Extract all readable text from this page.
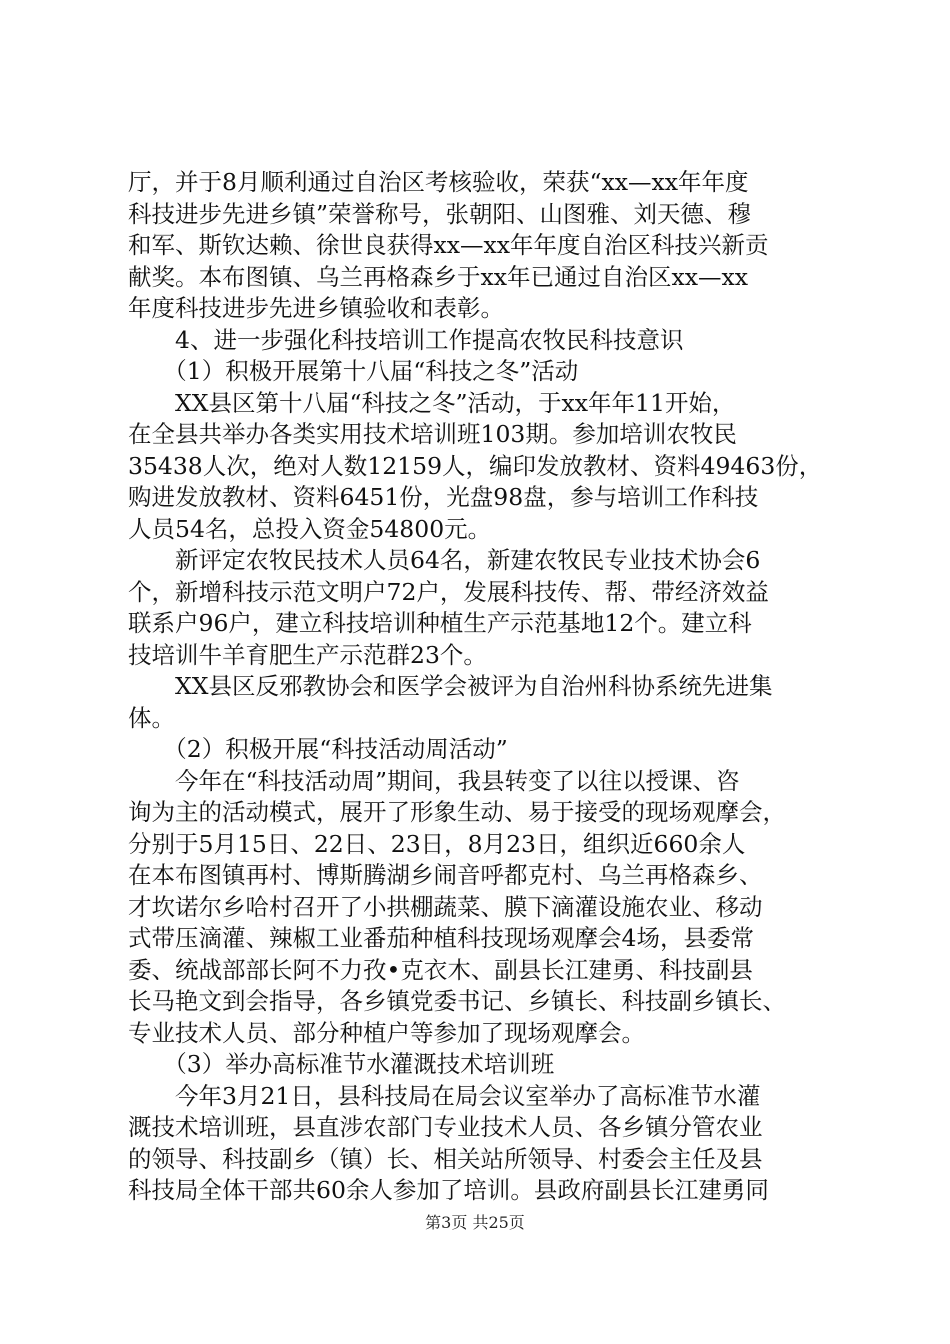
厅，并于8月顺利通过自治区考核验收，荣获“xx—xx年年度
科技进步先进乡镇”荣誉称号，张朝阳、山图雅、刘天德、穆
和军、斯钦达赖、徐世良获得xx—xx年年度自治区科技兴新贡
献奖。本布图镇、乌兰再格森乡于xx年已通过自治区xx—xx
年度科技进步先进乡镇验收和表彰。
　　4、进一步强化科技培训工作提高农牧民科技意识
　　（1）积极开展第十八届“科技之冬”活动
　　XX县区第十八届“科技之冬”活动，于xx年年11开始，
在全县共举办各类实用技术培训班103期。参加培训农牧民
35438人次，绝对人数12159人，编印发放教材、资料49463份，
购进发放教材、资料6451份，光盘98盘，参与培训工作科技
人员54名，总投入资金54800元。
　　新评定农牧民技术人员64名，新建农牧民专业技术协会6
个，新增科技示范文明户72户，发展科技传、帮、带经济效益
联系户96户，建立科技培训种植生产示范基地12个。建立科
技培训牛羊育肥生产示范群23个。
　　XX县区反邪教协会和医学会被评为自治州科协系统先进集
体。
　　（2）积极开展“科技活动周活动”
　　今年在“科技活动周”期间，我县转变了以往以授课、咨
询为主的活动模式，展开了形象生动、易于接受的现场观摩会，
分别于5月15日、22日、23日，8月23日，组织近660余人
在本布图镇再村、博斯腾湖乡闹音呼都克村、乌兰再格森乡、
才坎诺尔乡哈村召开了小拱棚蔬菜、膜下滴灌设施农业、移动
式带压滴灌、辣椒工业番茄种植科技现场观摩会4场，县委常
委、统战部部长阿不力孜•克衣木、副县长江建勇、科技副县
长马艳文到会指导，各乡镇党委书记、乡镇长、科技副乡镇长、
专业技术人员、部分种植户等参加了现场观摩会。
　　（3）举办高标准节水灌溉技术培训班
　　今年3月21日，县科技局在局会议室举办了高标准节水灌
溉技术培训班，县直涉农部门专业技术人员、各乡镇分管农业
的领导、科技副乡（镇）长、相关站所领导、村委会主任及县
科技局全体干部共60余人参加了培训。县政府副县长江建勇同
第3页 共25页
